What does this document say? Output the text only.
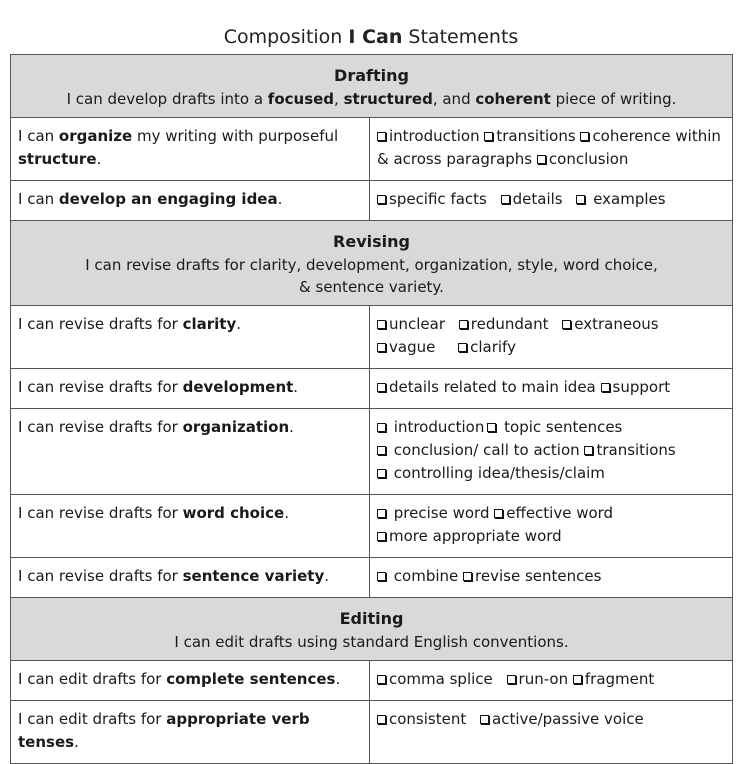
Composition I Can Statements
Drafting
I can develop drafts into a focused, structured, and coherent piece of writing.	

I can organize my writing with purposeful
structure.	introduction transitions coherence within & across paragraphs conclusion
I can develop an engaging idea.	specific facts details examples

Revising
I can revise drafts for clarity, development, organization, style, word choice,
& sentence variety.	

I can revise drafts for clarity.	unclear redundant extraneous
vague clarify
I can revise drafts for development.	details related to main idea support
I can revise drafts for organization.	introduction topic sentences
conclusion/ call to action transitions
controlling idea/thesis/claim
I can revise drafts for word choice.	precise word effective word
more appropriate word
I can revise drafts for sentence variety.	combine revise sentences

Editing
I can edit drafts using standard English conventions.	

I can edit drafts for complete sentences.	comma splice run-on fragment
I can edit drafts for appropriate verb tenses.	consistent active/passive voice
